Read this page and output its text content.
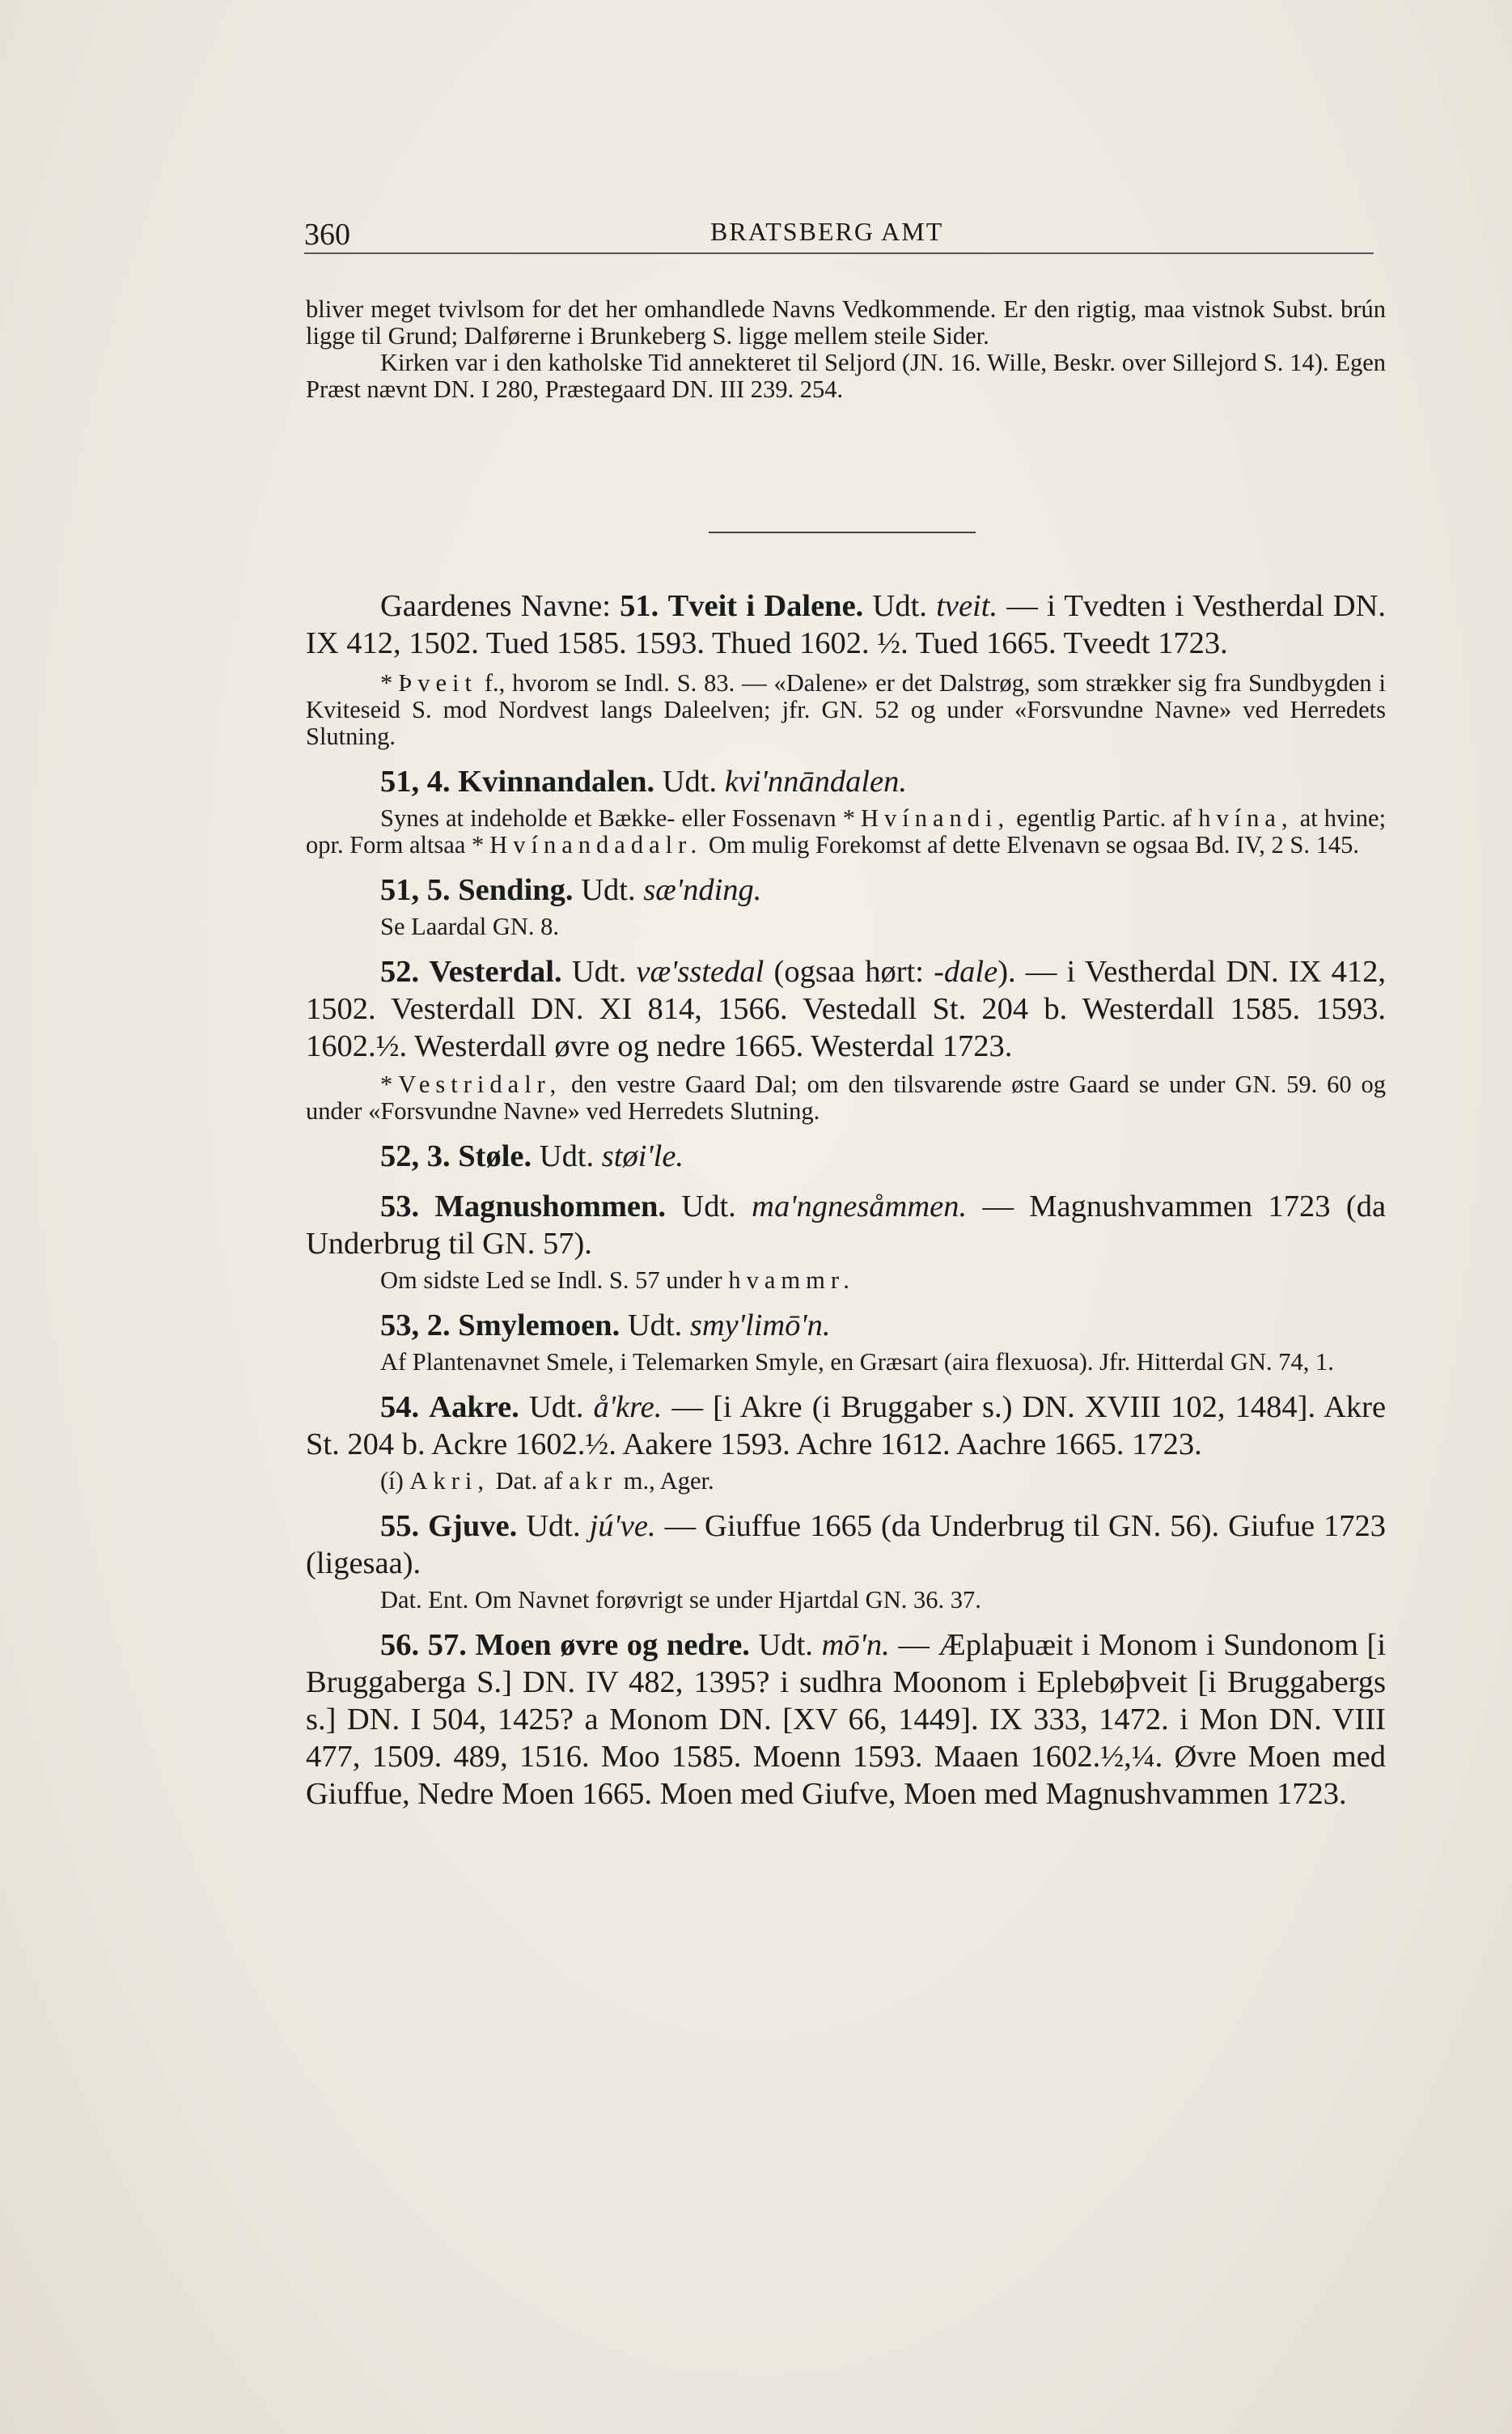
360	BRATSBERG AMT

bliver meget tvivlsom for det her omhandlede Navns Vedkommende. Er den rigtig, maa vistnok Subst. brún ligge til Grund; Dalførerne i Brunkeberg S. ligge mellem steile Sider.

Kirken var i den katholske Tid annekteret til Seljord (JN. 16. Wille, Beskr. over Sillejord S. 14). Egen Præst nævnt DN. I 280, Præstegaard DN. III 239. 254.

Gaardenes Navne: 51. Tveit i Dalene. Udt. tveit. — i Tvedten i Vestherdal DN. IX 412, 1502. Tued 1585. 1593. Thued 1602. ½. Tued 1665. Tveedt 1723.

*Þveit f., hvorom se Indl. S. 83. — «Dalene» er det Dalstrøg, som strækker sig fra Sundbygden i Kviteseid S. mod Nordvest langs Daleelven; jfr. GN. 52 og under «Forsvundne Navne» ved Herredets Slutning.

51, 4. Kvinnandalen. Udt. kvi'nnāndalen.

Synes at indeholde et Bække- eller Fossenavn *Hvínandi, egentlig Partic. af hvína, at hvine; opr. Form altsaa *Hvínandadalr. Om mulig Forekomst af dette Elvenavn se ogsaa Bd. IV, 2 S. 145.

51, 5. Sending. Udt. sæ'nding.

Se Laardal GN. 8.

52. Vesterdal. Udt. væ'sstedal (ogsaa hørt: -dale). — i Vestherdal DN. IX 412, 1502. Vesterdall DN. XI 814, 1566. Vestedall St. 204 b. Westerdall 1585. 1593. 1602.½. Westerdall øvre og nedre 1665. Westerdal 1723.

*Vestridalr, den vestre Gaard Dal; om den tilsvarende østre Gaard se under GN. 59. 60 og under «Forsvundne Navne» ved Herredets Slutning.

52, 3. Støle. Udt. støi'le.

53. Magnushommen. Udt. ma'ngnesåmmen. — Magnushvammen 1723 (da Underbrug til GN. 57).

Om sidste Led se Indl. S. 57 under hvammr.

53, 2. Smylemoen. Udt. smy'limō'n.

Af Plantenavnet Smele, i Telemarken Smyle, en Græsart (aira flexuosa). Jfr. Hitterdal GN. 74, 1.

54. Aakre. Udt. å'kre. — [i Akre (i Bruggaber s.) DN. XVIII 102, 1484]. Akre St. 204 b. Ackre 1602.½. Aakere 1593. Achre 1612. Aachre 1665. 1723.

(í) Akri, Dat. af akr m., Ager.

55. Gjuve. Udt. jú've. — Giuffue 1665 (da Underbrug til GN. 56). Giufue 1723 (ligesaa).

Dat. Ent. Om Navnet forøvrigt se under Hjartdal GN. 36. 37.

56. 57. Moen øvre og nedre. Udt. mō'n. — Æplaþuæit i Monom i Sundonom [i Bruggaberga S.] DN. IV 482, 1395? i sudhra Moonom i Eplebøþveit [i Bruggabergs s.] DN. I 504, 1425? a Monom DN. [XV 66, 1449]. IX 333, 1472. i Mon DN. VIII 477, 1509. 489, 1516. Moo 1585. Moenn 1593. Maaen 1602.½,¼. Øvre Moen med Giuffue, Nedre Moen 1665. Moen med Giufve, Moen med Magnushvammen 1723.
